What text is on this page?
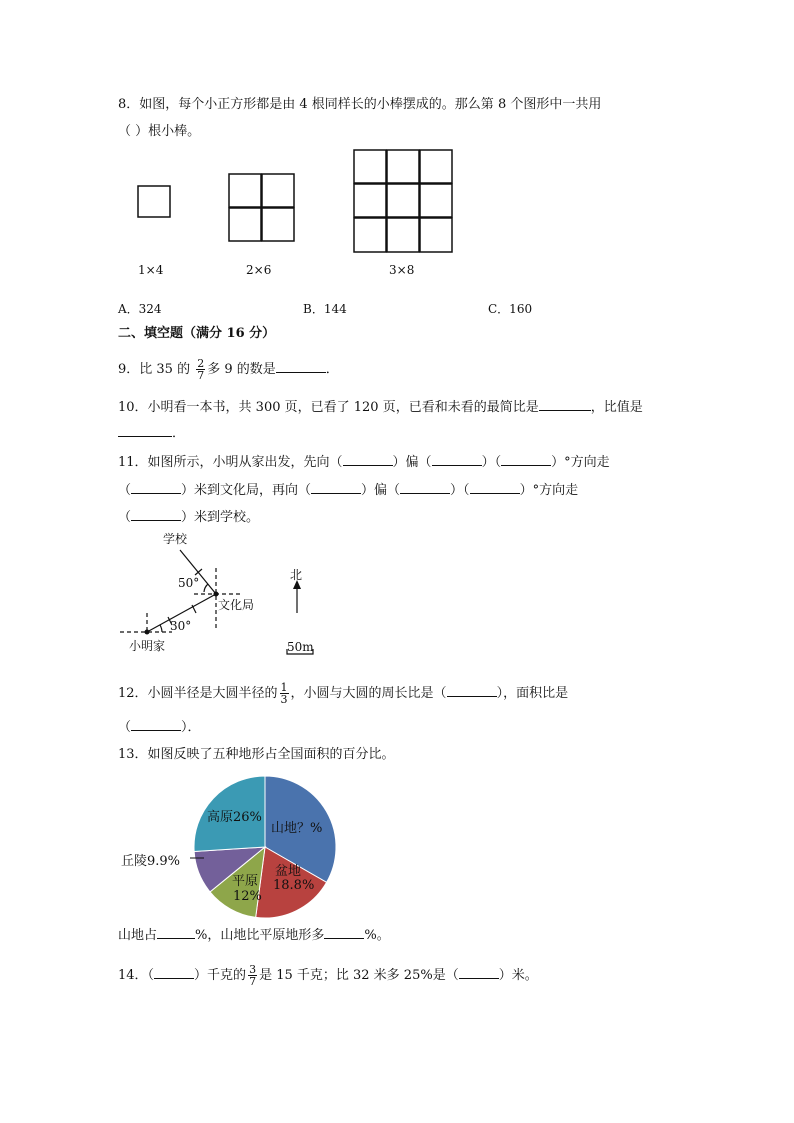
8．如图，每个小正方形都是由 4 根同样长的小棒摆成的。那么第 8 个图形中一共用
（ ）根小棒。
1×4	2×6	3×8
A．324	B．144	C．160
二、填空题（满分 16 分）
9．比 35 的 $\frac{2}{7}$ 多 9 的数是	．
10．小明看一本书，共 300 页，已看了 120 页，已看和未看的最简比是	，比值是
．
11．如图所示，小明从家出发，先向（	）偏（	）（	）°方向走
（	）米到文化局，再向（	）偏（	）（	）°方向走
（	）米到学校。
学校
文化局
小明家
50°
30°
北
50m
12．小圆半径是大圆半径的 $\frac{1}{3}$ ，小圆与大圆的周长比是（	），面积比是
（	）．
13．如图反映了五种地形占全国面积的百分比。
山地？%
盆地
18.8%
平原
12%
丘陵9.9%
高原26%
山地占	%，山地比平原地形多	%。
14．（	）千克的 $\frac{3}{7}$ 是 15 千克；比 32 米多 25%是（	）米。
